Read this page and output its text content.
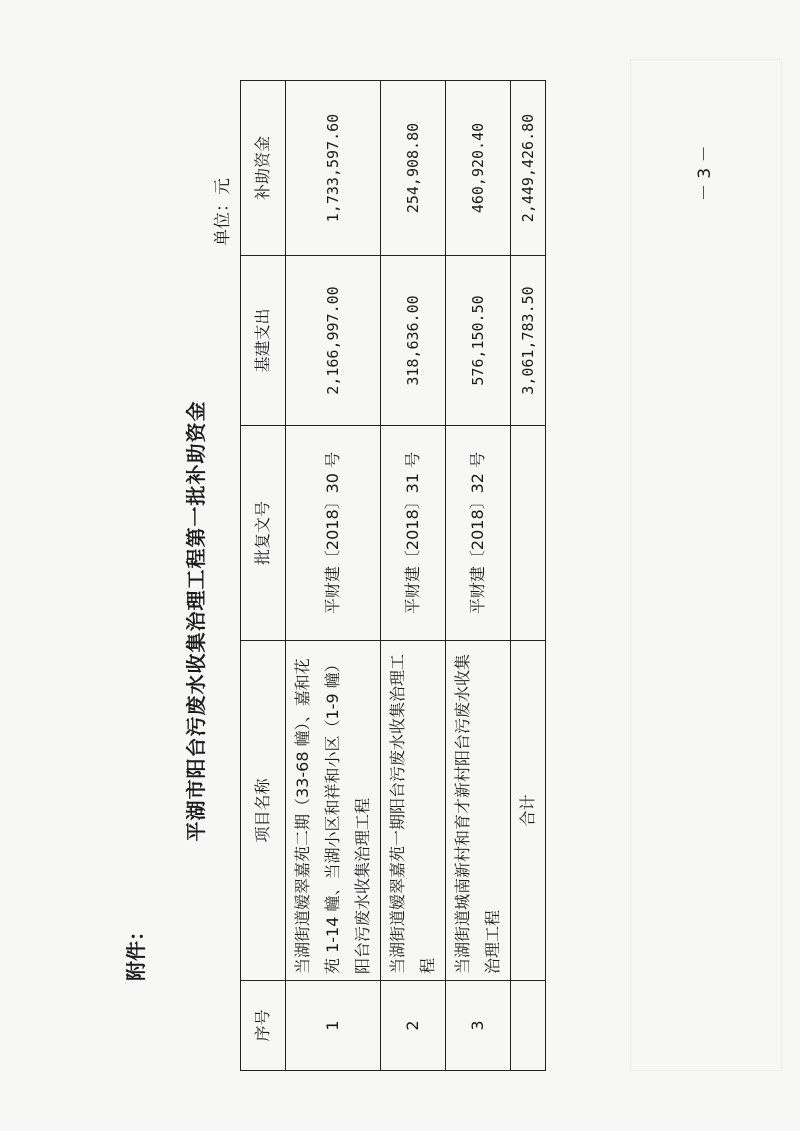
附件：
平湖市阳台污废水收集治理工程第一批补助资金
单位：元
序号	项目名称	批复文号	基建支出	补助资金
1	当湖街道嫒翠嘉苑二期（33-68 幢）、嘉和花苑 1-14 幢、当湖小区和祥和小区（1-9 幢）阳台污废水收集治理工程	平财建〔2018〕30 号	2,166,997.00	1,733,597.60
2	当湖街道嫒翠嘉苑一期阳台污废水收集治理工程	平财建〔2018〕31 号	318,636.00	254,908.80
3	当湖街道城南新村和育才新村阳台污废水收集治理工程	平财建〔2018〕32 号	576,150.50	460,920.40
	合计		3,061,783.50	2,449,426.80	－ 3 －
